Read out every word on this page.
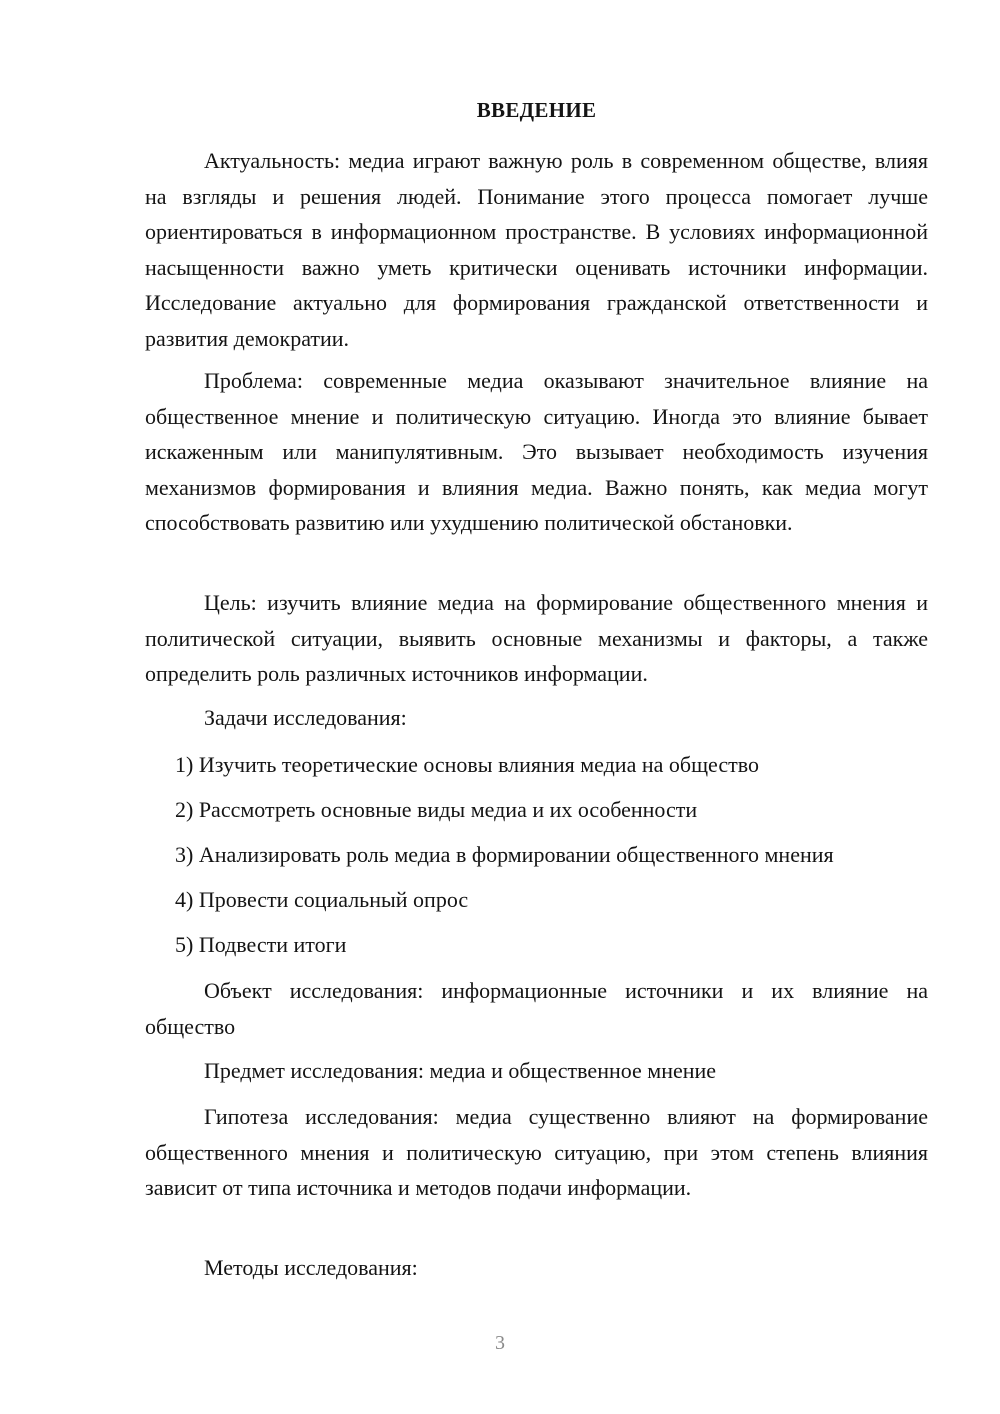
ВВЕДЕНИЕ

Актуальность: медиа играют важную роль в современном обществе, влияя на взгляды и решения людей. Понимание этого процесса помогает лучше ориентироваться в информационном пространстве. В условиях информационной насыщенности важно уметь критически оценивать источники информации. Исследование актуально для формирования гражданской ответственности и развития демократии.

Проблема: современные медиа оказывают значительное влияние на общественное мнение и политическую ситуацию. Иногда это влияние бывает искаженным или манипулятивным. Это вызывает необходимость изучения механизмов формирования и влияния медиа. Важно понять, как медиа могут способствовать развитию или ухудшению политической обстановки.

Цель: изучить влияние медиа на формирование общественного мнения и политической ситуации, выявить основные механизмы и факторы, а также определить роль различных источников информации.

Задачи исследования:

1) Изучить теоретические основы влияния медиа на общество
2) Рассмотреть основные виды медиа и их особенности
3) Анализировать роль медиа в формировании общественного мнения
4) Провести социальный опрос
5) Подвести итоги

Объект исследования: информационные источники и их влияние на общество

Предмет исследования: медиа и общественное мнение

Гипотеза исследования: медиа существенно влияют на формирование общественного мнения и политическую ситуацию, при этом степень влияния зависит от типа источника и методов подачи информации.

Методы исследования:

3
